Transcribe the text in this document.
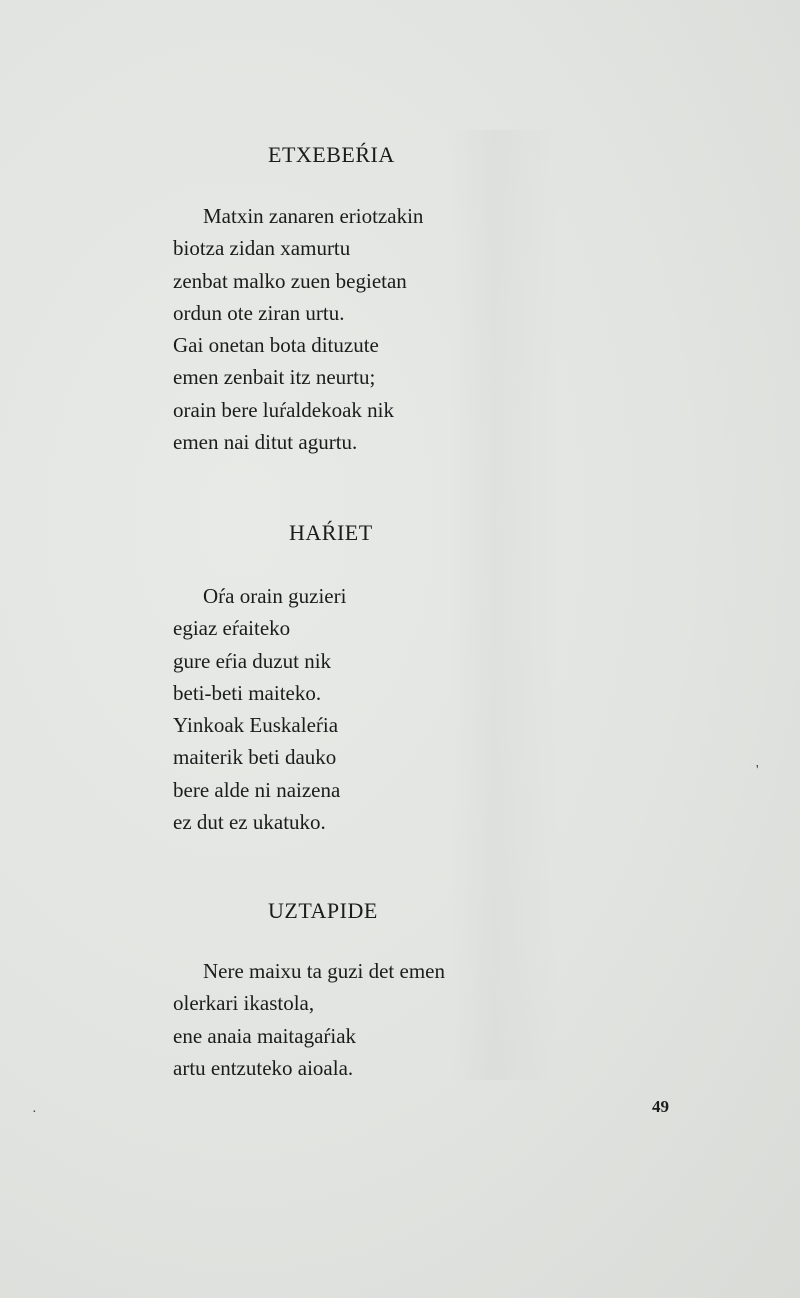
ETXEBEŔIA
Matxin zanaren eriotzakin
biotza zidan xamurtu
zenbat malko zuen begietan
ordun ote ziran urtu.
Gai onetan bota dituzute
emen zenbait itz neurtu;
orain bere luŕaldekoak nik
emen nai ditut agurtu.
HAŔIET
Oŕa orain guzieri
egiaz eŕaiteko
gure eŕia duzut nik
beti-beti maiteko.
Yinkoak Euskaleŕia
maiterik beti dauko
bere alde ni naizena
ez dut ez ukatuko.
UZTAPIDE
Nere maixu ta guzi det emen
olerkari ikastola,
ene anaia maitagaŕiak
artu entzuteko aioala.
49
·
'
